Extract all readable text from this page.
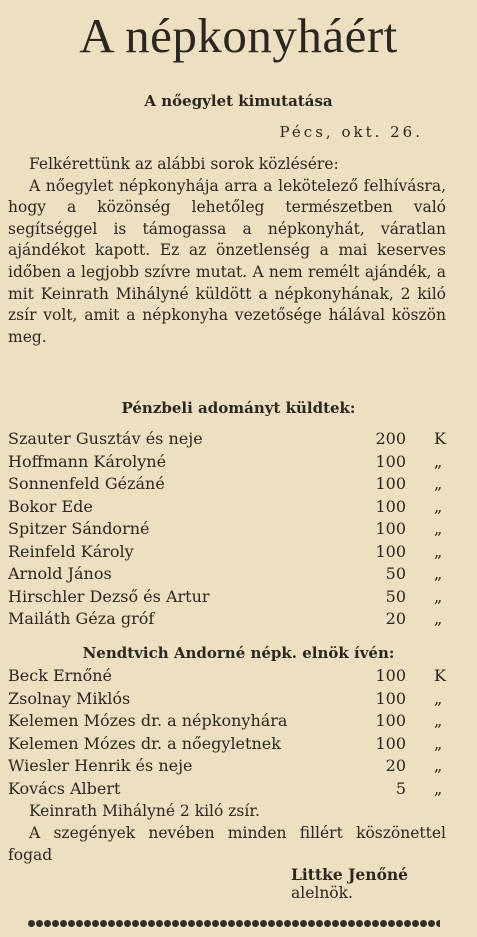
A népkonyháért
A nőegylet kimutatása
Pécs, okt. 26.

Felkérettünk az alábbi sorok közlésére:

A nőegylet népkonyhája arra a lekötelező felhívásra, hogy a közönség lehetőleg természetben való segítséggel is támogassa a népkonyhát, váratlan ajándékot kapott. Ez az önzetlenség a mai keserves időben a legjobb szívre mutat. A nem remélt ajándék, a mit Keinrath Mihályné küldött a népkonyhának, 2 kiló zsír volt, amit a népkonyha vezetősége hálával köszön meg.

Pénzbeli adományt küldtek:
Szauter Gusztáv és neje	200 K
Hoffmann Károlyné	100 „
Sonnenfeld Gézáné	100 „
Bokor Ede	100 „
Spitzer Sándorné	100 „
Reinfeld Károly	100 „
Arnold János	50 „
Hirschler Dezső és Artur	50 „
Mailáth Géza gróf	20 „
Nendtvich Andorné népk. elnök ívén:
Beck Ernőné	100 K
Zsolnay Miklós	100 „
Kelemen Mózes dr. a népkonyhára	100 „
Kelemen Mózes dr. a nőegyletnek	100 „
Wiesler Henrik és neje	20 „
Kovács Albert	5 „
Keinrath Mihályné 2 kiló zsír.
A szegények nevében minden fillért köszönettel fogad
Littke Jenőné
alelnök.
